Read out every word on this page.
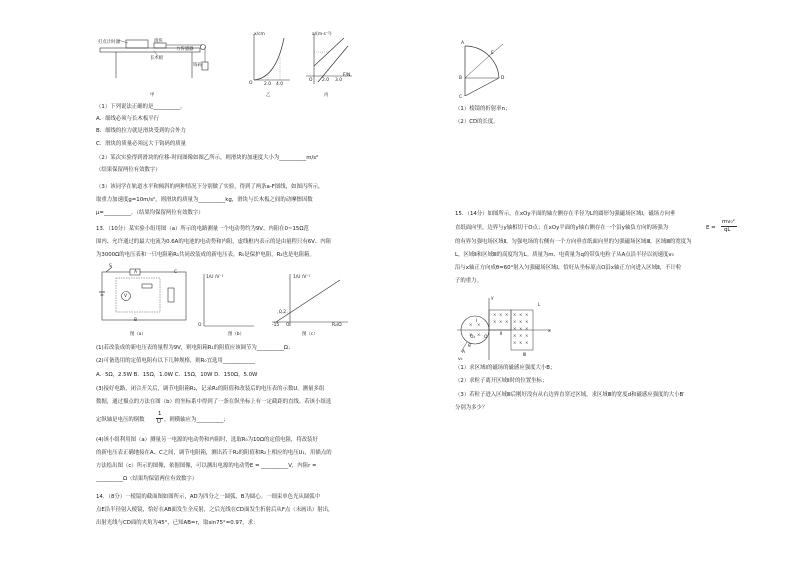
打点计时器	滑块
力传感器
长木板
钩码
甲
x/cm
O	2.0 4.0
乙
a/(m·s⁻²)
F/N
O 2.0 3.0
丙
（1）下列说法正确的是__________。
A．细线必须与长木板平行
B．细线的拉力就是滑块受到的合外力
C．滑块的质量必须远大于钩码的质量
（2）某次实验得到滑块的位移-时间图像如图乙所示，则滑块的加速度大小为__________m/s²
（结果保留两位有效数字）
（3）该同学在轨道水平和倾斜的两种情况下分别做了实验，得到了两条a-F图线，如图丙所示，
取重力加速度g=10m/s²，则滑块的质量为__________kg，滑块与长木板之间的动摩擦因数
μ=__________。（结果均保留两位有效数字）
13．（10分）某实验小组用图（a）所示的电路测量一个电动势约为9V、内阻在0~15Ω范
围内、允许通过的最大电流为0.6A的电池的电动势和内阻，虚线框内表示的是由量程只有6V、内阻
为3000Ω的电压表和一只电阻箱R₁共同改装成的新电压表，R₀是保护电阻，R₂也是电阻箱。
S
A
V
B
C
图（a）
1/U /V⁻¹
O
图（b）
1/U /V⁻¹
0.2
-15 O	R₂/Ω
图（c）
(1)若改装成的新电压表的量程为9V，则电阻箱R₁的阻值应该调节为__________Ω；
(2)可备选用的定值电阻有以下几种规格，则R₀宜选用____________
A．5Ω，2.5W B．15Ω，1.0W C．15Ω，10W D．150Ω，5.0W
(3)接好电路，闭合开关后，调节电阻箱R₂，记录R₂的阻值和改装后的电压表的示数U。测量多组
数据，通过描点的方法在图（b）的坐标系中得到了一条在纵坐标上有一定截距的直线。若该小组选
定纵轴是电压的倒数
1
U ，则横轴应为__________；
(4)该小组利用图（a）测量另一电源的电动势和内阻时，选取R₀为10Ω的定值电阻，将改装好
的新电压表正确地接在A、C之间，调节电阻箱，测出若干R₂的阻值和R₂上相应的电压U₁，用描点的
方法绘出图（c）所示的图像，依据图像，可以测出电源的电动势E = __________V，内阻r =
__________Ω（结果均保留两位有效数字）
14．（8分）一棱镜的截面图如图所示，AD为四分之一圆弧，B为圆心。一细束单色光从圆弧中
点E沿半径射入棱镜，恰好在AB面发生全反射，之后光线在CD面发生折射后从F点（未画出）射出，
出射光线与CD面的夹角为45°，已知AB=r，取sin75°=0.97，求：
A
E
B	D
C
（1）棱镜的折射率n；
（2）CD的长度。
15．（14分）如图所示，在xOy平面的轴左侧存在半径为L的圆形匀强磁场区域I，磁场方向垂
直纸面向里，边界与y轴相切于O点；在xOy平面的y轴右侧存在一个沿y轴负方向的场强为	E =
mv₀²
qL
的有界匀强电场区域Ⅱ，匀强电场的右侧有一个方向垂直纸面向里的匀强磁场区域Ⅲ，区域Ⅲ的宽度为
L，区域Ⅱ和区域Ⅲ的高度均为L。质量为m、电荷量为q的带负电粒子从A点沿半径以初速度v₀
沿与x轴正方向成θ=60°射入匀强磁场区域I，恰好从坐标原点O沿x轴正方向进入区域Ⅱ，不计粒
子的重力。
× × × × × ×
× × ×
× × ×
× × ×
× × ×
× × ×
× ×
× ×
y
x
O
O₁
A
v₀
θ
I
Ⅱ
Ⅲ
L
（1）求区域I的磁场的磁感应强度大小B；
（2）求粒子离开区域Ⅱ时的位置坐标；
（3）若粒子进入区域Ⅲ后刚好没有从右边界直穿过区域，求区域Ⅲ的宽度d和磁感应强度的大小B′
分别为多少？
